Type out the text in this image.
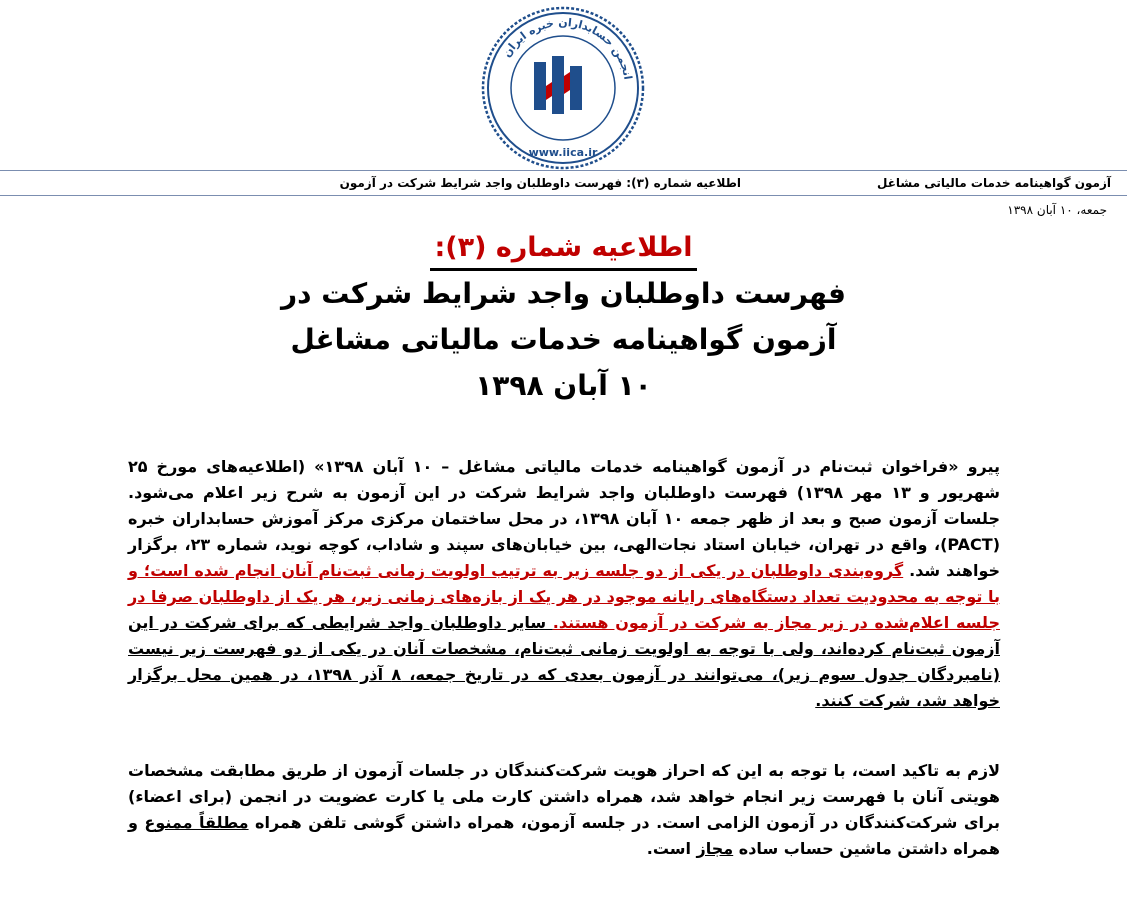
انجمن حسابداران خبره ایران
www.iica.ir
آزمون گواهینامه خدمات مالیاتی مشاغل
اطلاعیه شماره (۳): فهرست داوطلبان واجد شرایط شرکت در آزمون
جمعه، ۱۰ آبان ۱۳۹۸
اطلاعیه شماره (۳):
فهرست داوطلبان واجد شرایط شرکت در
آزمون گواهینامه خدمات مالیاتی مشاغل
۱۰ آبان ۱۳۹۸

پیرو «فراخوان ثبت‌نام در آزمون گواهینامه خدمات مالیاتی مشاغل – ۱۰ آبان ۱۳۹۸» (اطلاعیه‌های مورخ ۲۵ شهریور و ۱۳ مهر ۱۳۹۸) فهرست داوطلبان واجد شرایط شرکت در این آزمون به شرح زیر اعلام می‌شود. جلسات آزمون صبح و بعد از ظهر جمعه ۱۰ آبان ۱۳۹۸، در محل ساختمان مرکزی مرکز آموزش حسابداران خبره (PACT)، واقع در تهران، خیابان استاد نجات‌الهی، بین خیابان‌های سپند و شاداب، کوچه نوید، شماره ۲۳، برگزار خواهند شد. گروه‌بندی داوطلبان در یکی از دو جلسه زیر به ترتیب اولویت زمانی ثبت‌نام آنان انجام شده است؛ و با توجه به محدودیت تعداد دستگاه‌های رایانه موجود در هر یک از بازه‌های زمانی زیر، هر یک از داوطلبان صرفا در جلسه اعلام‌شده در زیر مجاز به شرکت در آزمون هستند. سایر داوطلبان واجد شرایطی که برای شرکت در این آزمون ثبت‌نام کرده‌اند، ولی با توجه به اولویت زمانی ثبت‌نام، مشخصات آنان در یکی از دو فهرست زیر نیست (نامبردگان جدول سوم زیر)، می‌توانند در آزمون بعدی که در تاریخ جمعه، ۸ آذر ۱۳۹۸، در همین محل برگزار خواهد شد، شرکت کنند.

لازم به تاکید است، با توجه به این که احراز هویت شرکت‌کنندگان در جلسات آزمون از طریق مطابقت مشخصات هویتی آنان با فهرست زیر انجام خواهد شد، همراه داشتن کارت ملی یا کارت عضویت در انجمن (برای اعضاء) برای شرکت‌کنندگان در آزمون الزامی است. در جلسه آزمون، همراه داشتن گوشی تلفن همراه مطلقاً ممنوع و همراه داشتن ماشین حساب ساده مجاز است.
